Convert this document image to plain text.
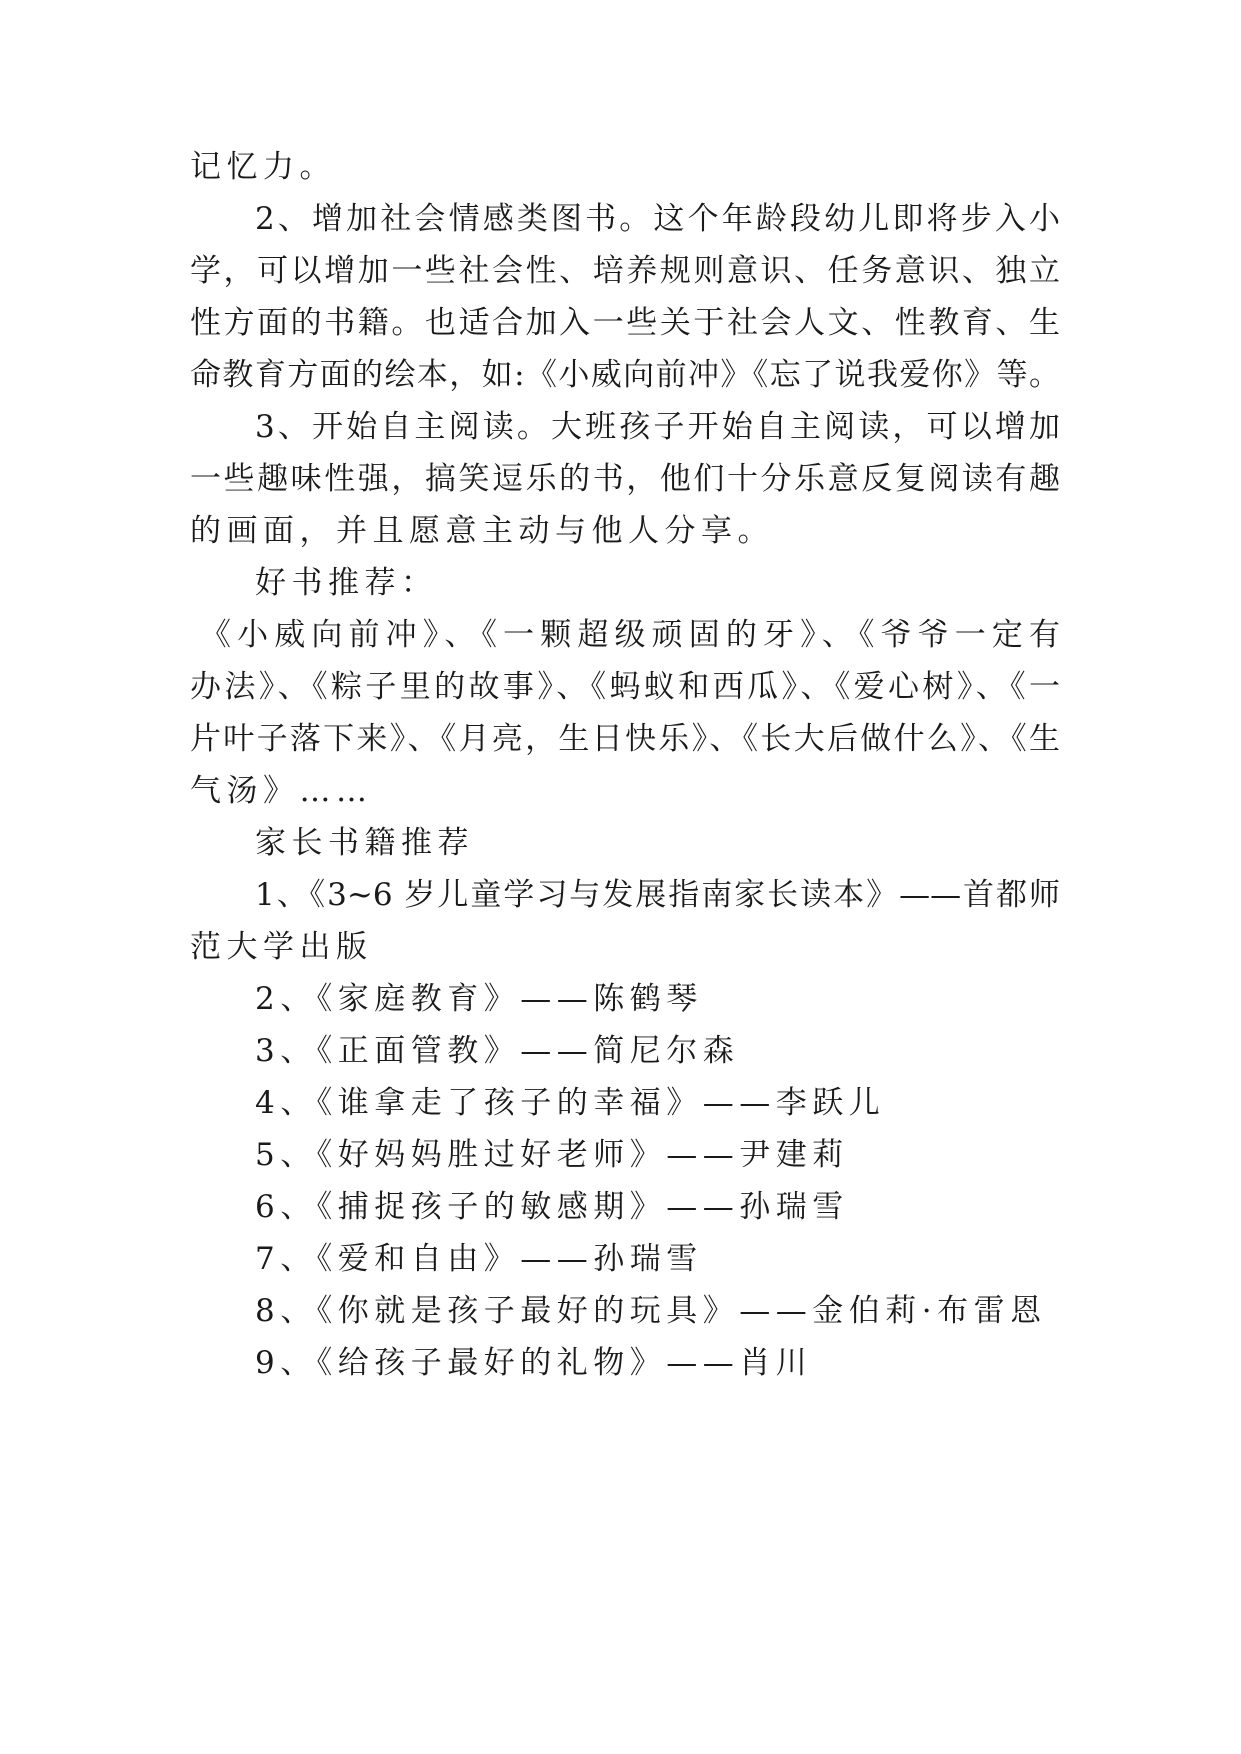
记忆力。
2、增加社会情感类图书。这个年龄段幼儿即将步入小
学，可以增加一些社会性、培养规则意识、任务意识、独立
性方面的书籍。也适合加入一些关于社会人文、性教育、生
命教育方面的绘本，如:《小威向前冲》《忘了说我爱你》等。
3、开始自主阅读。大班孩子开始自主阅读，可以增加
一些趣味性强，搞笑逗乐的书，他们十分乐意反复阅读有趣
的画面，并且愿意主动与他人分享。
好书推荐：
《小威向前冲》、《一颗超级顽固的牙》、《爷爷一定有
办法》、《粽子里的故事》、《蚂蚁和西瓜》、《爱心树》、《一
片叶子落下来》、《月亮，生日快乐》、《长大后做什么》、《生
气汤》……
家长书籍推荐
1、《3~6 岁儿童学习与发展指南家长读本》——首都师
范大学出版
2、《家庭教育》——陈鹤琴
3、《正面管教》——简尼尔森
4、《谁拿走了孩子的幸福》——李跃儿
5、《好妈妈胜过好老师》——尹建莉
6、《捕捉孩子的敏感期》——孙瑞雪
7、《爱和自由》——孙瑞雪
8、《你就是孩子最好的玩具》——金伯莉·布雷恩
9、《给孩子最好的礼物》——肖川
